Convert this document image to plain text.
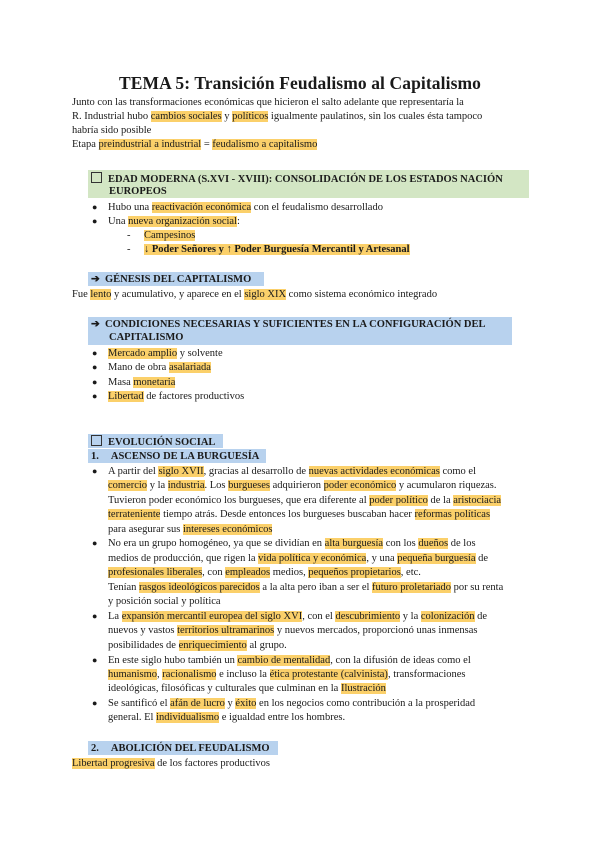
TEMA 5: Transición Feudalismo al Capitalismo
Junto con las transformaciones económicas que hicieron el salto adelante que representaría la
R. Industrial hubo cambios sociales y políticos igualmente paulatinos, sin los cuales ésta tampoco
habría sido posible
Etapa preindustrial a industrial = feudalismo a capitalismo
EDAD MODERNA (S.XVI - XVIII): CONSOLIDACIÓN DE LOS ESTADOS NACIÓN
EUROPEOS
● Hubo una reactivación económica con el feudalismo desarrollado
● Una nueva organización social:
- Campesinos
- ↓ Poder Señores y ↑ Poder Burguesía Mercantil y Artesanal
➔ GÉNESIS DEL CAPITALISMO
Fue lento y acumulativo, y aparece en el siglo XIX como sistema económico integrado
➔ CONDICIONES NECESARIAS Y SUFICIENTES EN LA CONFIGURACIÓN DEL
CAPITALISMO
● Mercado amplio y solvente
● Mano de obra asalariada
● Masa monetaria
● Libertad de factores productivos
EVOLUCIÓN SOCIAL
1. ASCENSO DE LA BURGUESÍA
● A partir del siglo XVII, gracias al desarrollo de nuevas actividades económicas como el
comercio y la industria. Los burgueses adquirieron poder económico y acumularon riquezas.
Tuvieron poder económico los burgueses, que era diferente al poder político de la aristociacia
terrateniente tiempo atrás. Desde entonces los burgueses buscaban hacer reformas políticas
para asegurar sus intereses económicos
● No era un grupo homogéneo, ya que se dividían en alta burguesía con los dueños de los
medios de producción, que rigen la vida política y económica, y una pequeña burguesía de
profesionales liberales, con empleados medios, pequeños propietarios, etc.
Tenían rasgos ideológicos parecidos a la alta pero iban a ser el futuro proletariado por su renta
y posición social y política
● La expansión mercantil europea del siglo XVI, con el descubrimiento y la colonización de
nuevos y vastos territorios ultramarinos y nuevos mercados, proporcionó unas inmensas
posibilidades de enriquecimiento al grupo.
● En este siglo hubo también un cambio de mentalidad, con la difusión de ideas como el
humanismo, racionalismo e incluso la ética protestante (calvinista), transformaciones
ideológicas, filosóficas y culturales que culminan en la Ilustración
● Se santificó el afán de lucro y éxito en los negocios como contribución a la prosperidad
general. El individualismo e igualdad entre los hombres.
2. ABOLICIÓN DEL FEUDALISMO
Libertad progresiva de los factores productivos
